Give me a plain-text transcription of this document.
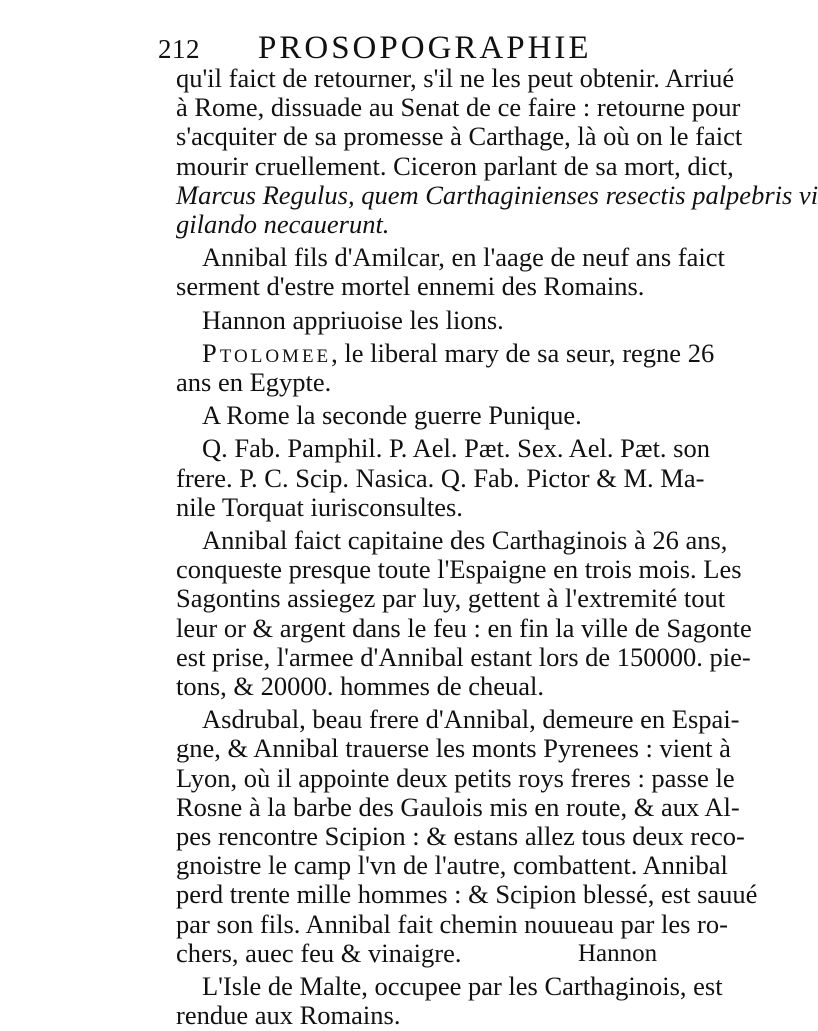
212 PROSOPOGRAPHIE
qu'il faict de retourner, s'il ne les peut obtenir. Arriué
à Rome, dissuade au Senat de ce faire : retourne pour
s'acquiter de sa promesse à Carthage, là où on le faict
mourir cruellement. Ciceron parlant de sa mort, dict,
Marcus Regulus, quem Carthaginienses resectis palpebris vi
gilando necauerunt.
Annibal fils d'Amilcar, en l'aage de neuf ans faict
serment d'estre mortel ennemi des Romains.
Hannon appriuoise les lions.
Ptolomee, le liberal mary de sa seur, regne 26
ans en Egypte.
A Rome la seconde guerre Punique.
Q. Fab. Pamphil. P. Ael. Pæt. Sex. Ael. Pæt. son
frere. P. C. Scip. Nasica. Q. Fab. Pictor & M. Ma-
nile Torquat iurisconsultes.
Annibal faict capitaine des Carthaginois à 26 ans,
conqueste presque toute l'Espaigne en trois mois. Les
Sagontins assiegez par luy, gettent à l'extremité tout
leur or & argent dans le feu : en fin la ville de Sagonte
est prise, l'armee d'Annibal estant lors de 150000. pie-
tons, & 20000. hommes de cheual.
Asdrubal, beau frere d'Annibal, demeure en Espai-
gne, & Annibal trauerse les monts Pyrenees : vient à
Lyon, où il appointe deux petits roys freres : passe le
Rosne à la barbe des Gaulois mis en route, & aux Al-
pes rencontre Scipion : & estans allez tous deux reco-
gnoistre le camp l'vn de l'autre, combattent. Annibal
perd trente mille hommes : & Scipion blessé, est sauué
par son fils. Annibal fait chemin nouueau par les ro-
chers, auec feu & vinaigre.
L'Isle de Malte, occupee par les Carthaginois, est
rendue aux Romains.
Hannon
